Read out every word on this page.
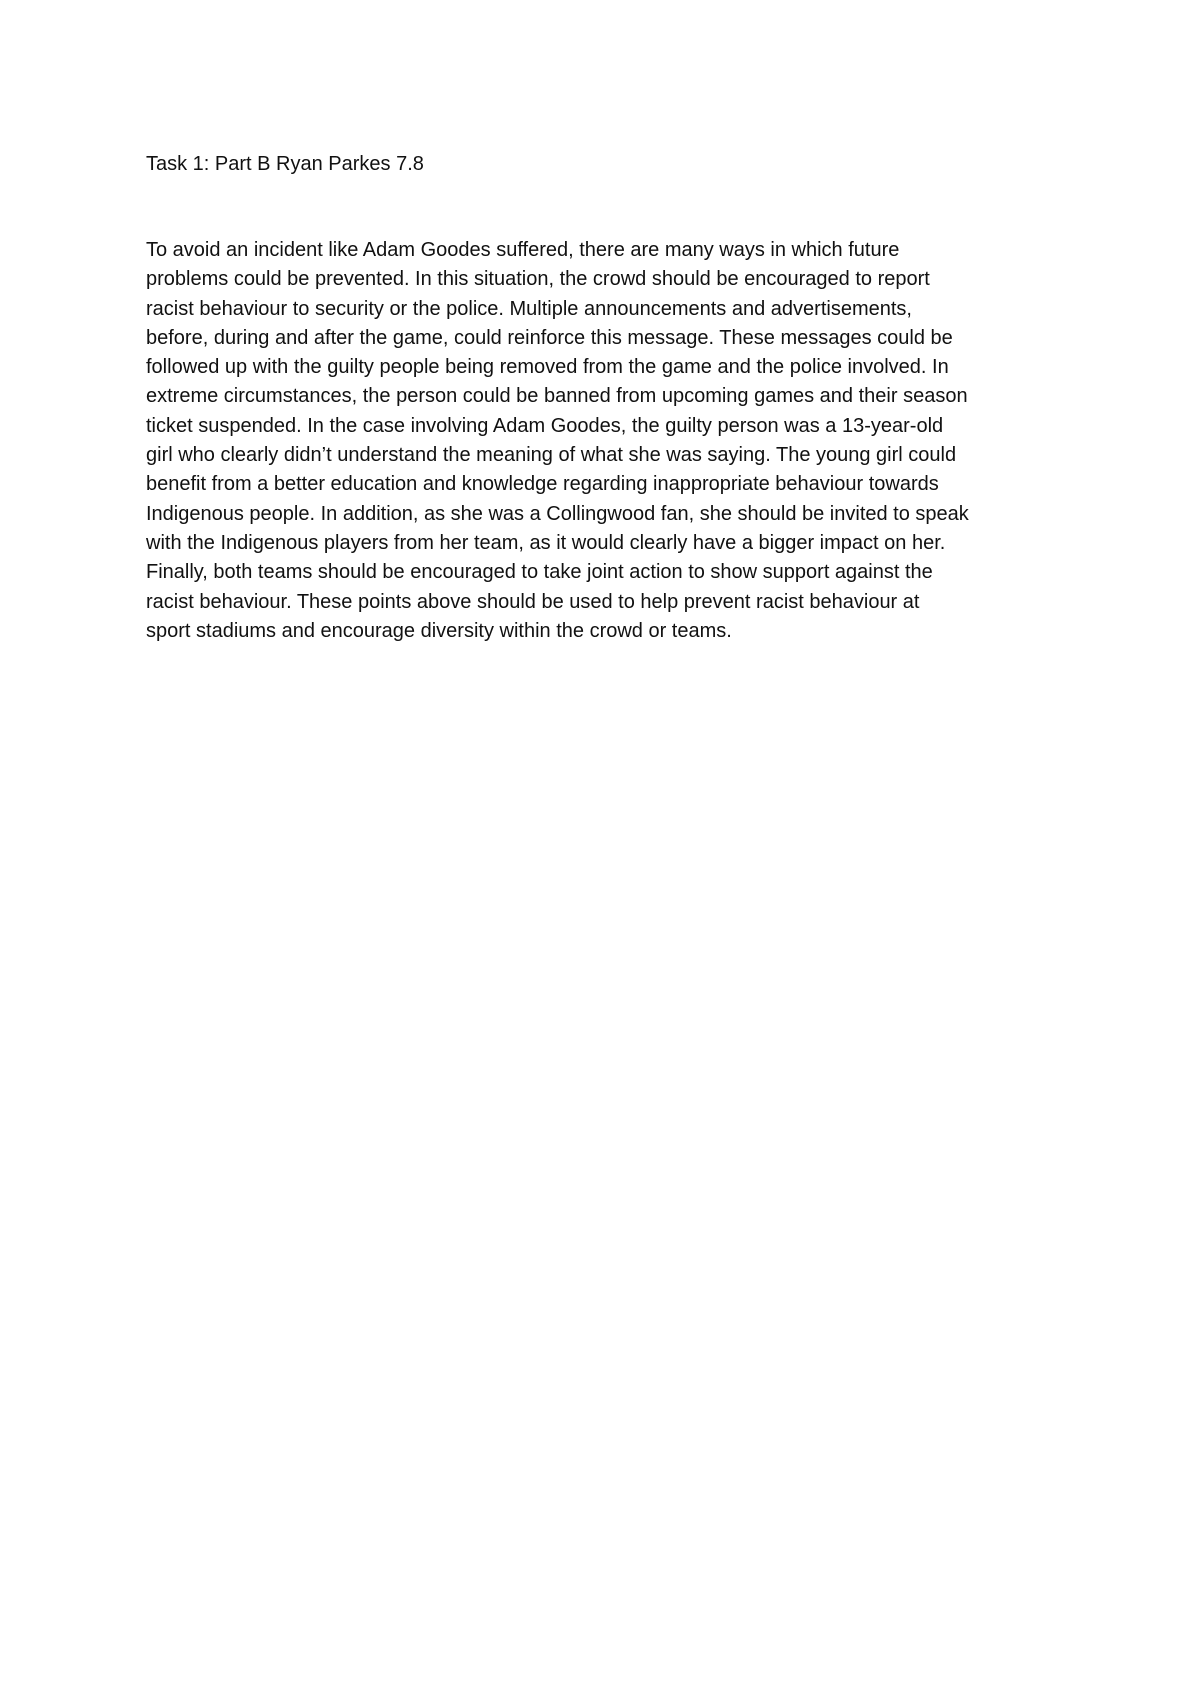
Task 1: Part B Ryan Parkes 7.8
To avoid an incident like Adam Goodes suffered, there are many ways in which future
problems could be prevented. In this situation, the crowd should be encouraged to report
racist behaviour to security or the police. Multiple announcements and advertisements,
before, during and after the game, could reinforce this message. These messages could be
followed up with the guilty people being removed from the game and the police involved. In
extreme circumstances, the person could be banned from upcoming games and their season
ticket suspended. In the case involving Adam Goodes, the guilty person was a 13-year-old
girl who clearly didn’t understand the meaning of what she was saying. The young girl could
benefit from a better education and knowledge regarding inappropriate behaviour towards
Indigenous people. In addition, as she was a Collingwood fan, she should be invited to speak
with the Indigenous players from her team, as it would clearly have a bigger impact on her.
Finally, both teams should be encouraged to take joint action to show support against the
racist behaviour. These points above should be used to help prevent racist behaviour at
sport stadiums and encourage diversity within the crowd or teams.
